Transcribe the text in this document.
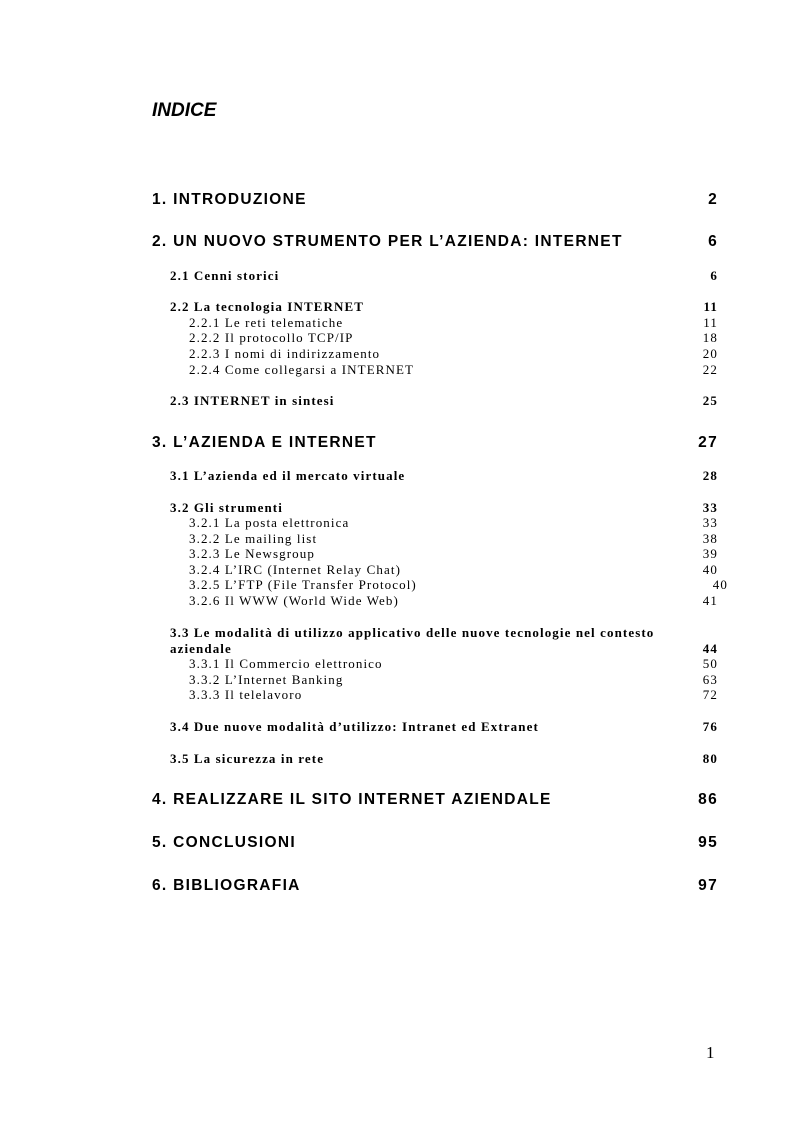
INDICE
1. INTRODUZIONE	2
2. UN NUOVO STRUMENTO PER L’AZIENDA: INTERNET	6
2.1 Cenni storici	6
2.2 La tecnologia INTERNET	11
2.2.1 Le reti telematiche	11
2.2.2 Il protocollo TCP/IP	18
2.2.3 I nomi di indirizzamento	20
2.2.4 Come collegarsi a INTERNET	22
2.3 INTERNET in sintesi	25
3. L’AZIENDA E INTERNET	27
3.1 L’azienda ed il mercato virtuale	28
3.2 Gli strumenti	33
3.2.1 La posta elettronica	33
3.2.2 Le mailing list	38
3.2.3 Le Newsgroup	39
3.2.4 L’IRC (Internet Relay Chat)	40
3.2.5 L’FTP (File Transfer Protocol)	40
3.2.6 Il WWW (World Wide Web)	41
3.3 Le modalità di utilizzo applicativo delle nuove tecnologie nel contesto
aziendale	44
3.3.1 Il Commercio elettronico	50
3.3.2 L’Internet Banking	63
3.3.3 Il telelavoro	72
3.4 Due nuove modalità d’utilizzo: Intranet ed Extranet	76
3.5 La sicurezza in rete	80
4. REALIZZARE IL SITO INTERNET AZIENDALE	86
5. CONCLUSIONI	95
6. BIBLIOGRAFIA	97
1
